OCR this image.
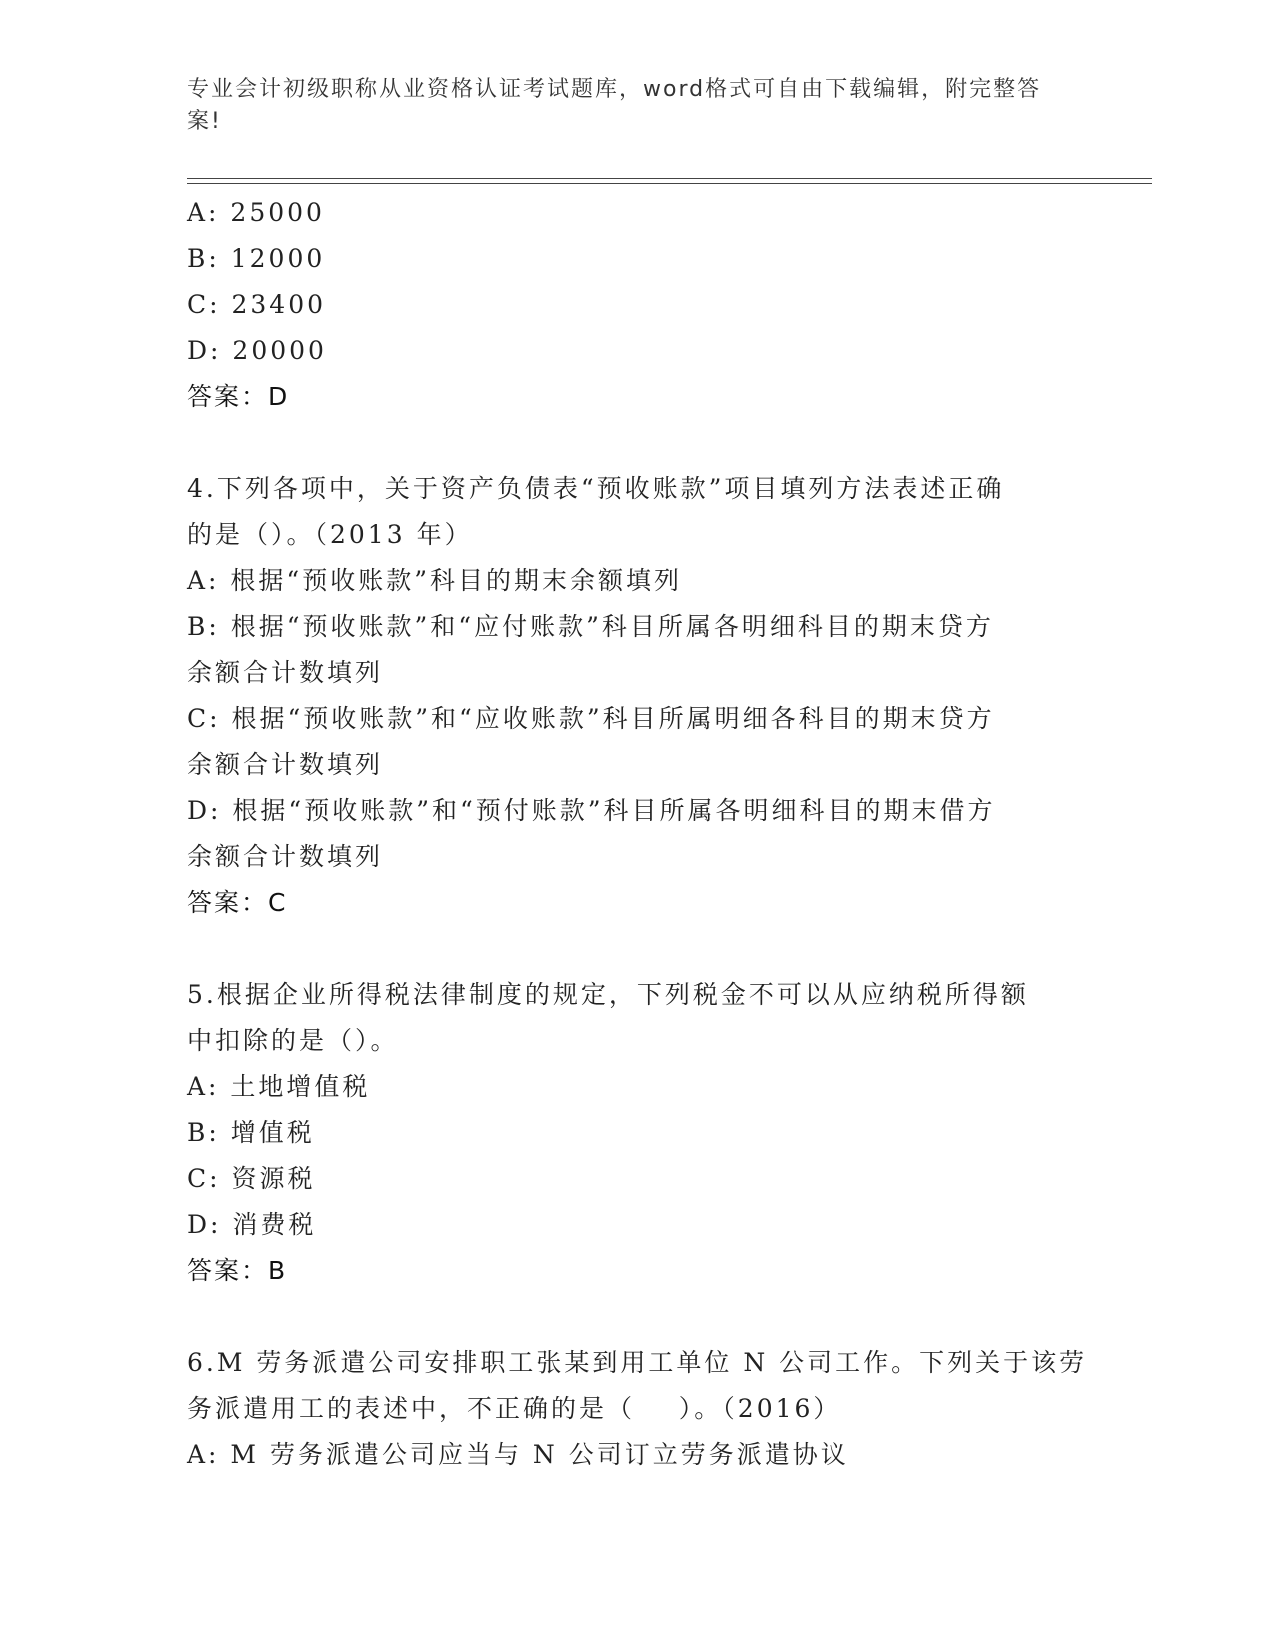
专业会计初级职称从业资格认证考试题库，word格式可自由下载编辑，附完整答
案!
A: 25000
B: 12000
C: 23400
D: 20000
答案：D
4.下列各项中，关于资产负债表“预收账款”项目填列方法表述正确
的是（）。（2013 年）
A: 根据“预收账款”科目的期末余额填列
B: 根据“预收账款”和“应付账款”科目所属各明细科目的期末贷方
余额合计数填列
C: 根据“预收账款”和“应收账款”科目所属明细各科目的期末贷方
余额合计数填列
D: 根据“预收账款”和“预付账款”科目所属各明细科目的期末借方
余额合计数填列
答案：C
5.根据企业所得税法律制度的规定，下列税金不可以从应纳税所得额
中扣除的是（）。
A: 土地增值税
B: 增值税
C: 资源税
D: 消费税
答案：B
6.M 劳务派遣公司安排职工张某到用工单位 N 公司工作。下列关于该劳
务派遣用工的表述中，不正确的是（    ）。（2016）
A: M 劳务派遣公司应当与 N 公司订立劳务派遣协议
